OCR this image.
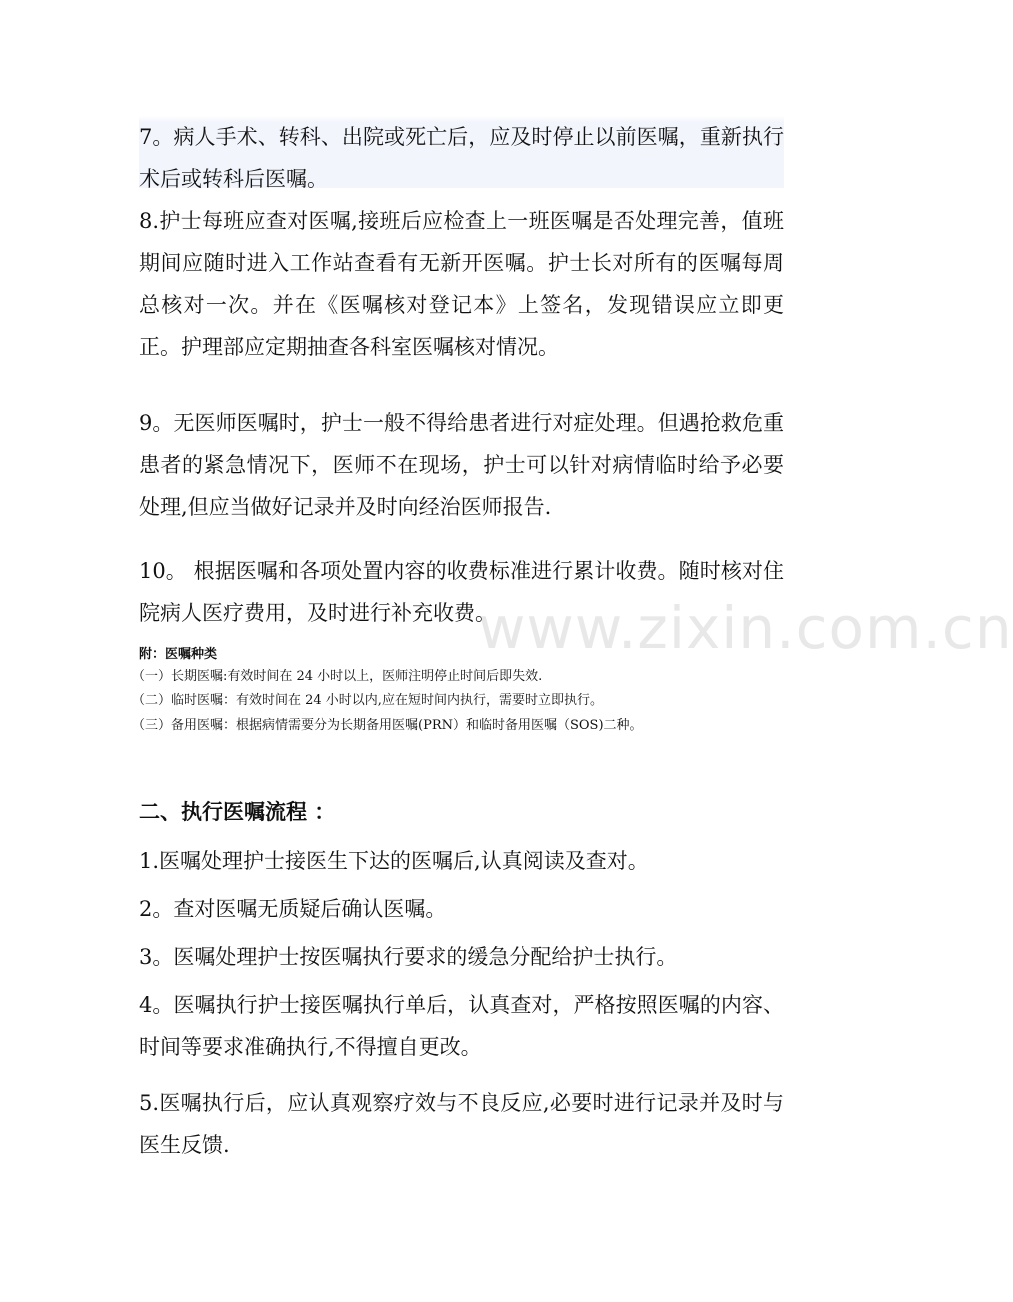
7。病人手术、转科、出院或死亡后，应及时停止以前医嘱，重新执行术后或转科后医嘱。

8.护士每班应查对医嘱,接班后应检查上一班医嘱是否处理完善，值班期间应随时进入工作站查看有无新开医嘱。护士长对所有的医嘱每周总核对一次。并在《医嘱核对登记本》上签名，发现错误应立即更正。护理部应定期抽查各科室医嘱核对情况。

9。无医师医嘱时，护士一般不得给患者进行对症处理。但遇抢救危重患者的紧急情况下，医师不在现场，护士可以针对病情临时给予必要处理,但应当做好记录并及时向经治医师报告.

10。 根据医嘱和各项处置内容的收费标准进行累计收费。随时核对住院病人医疗费用，及时进行补充收费。

www.zixin.com.cn

附：医嘱种类

（一）长期医嘱:有效时间在 24 小时以上，医师注明停止时间后即失效.

（二）临时医嘱：有效时间在 24 小时以内,应在短时间内执行，需要时立即执行。

（三）备用医嘱：根据病情需要分为长期备用医嘱(PRN）和临时备用医嘱（SOS)二种。

二、执行医嘱流程 ：

1.医嘱处理护士接医生下达的医嘱后,认真阅读及查对。

2。查对医嘱无质疑后确认医嘱。

3。医嘱处理护士按医嘱执行要求的缓急分配给护士执行。

4。医嘱执行护士接医嘱执行单后，认真查对，严格按照医嘱的内容、时间等要求准确执行,不得擅自更改。

5.医嘱执行后，应认真观察疗效与不良反应,必要时进行记录并及时与医生反馈.
